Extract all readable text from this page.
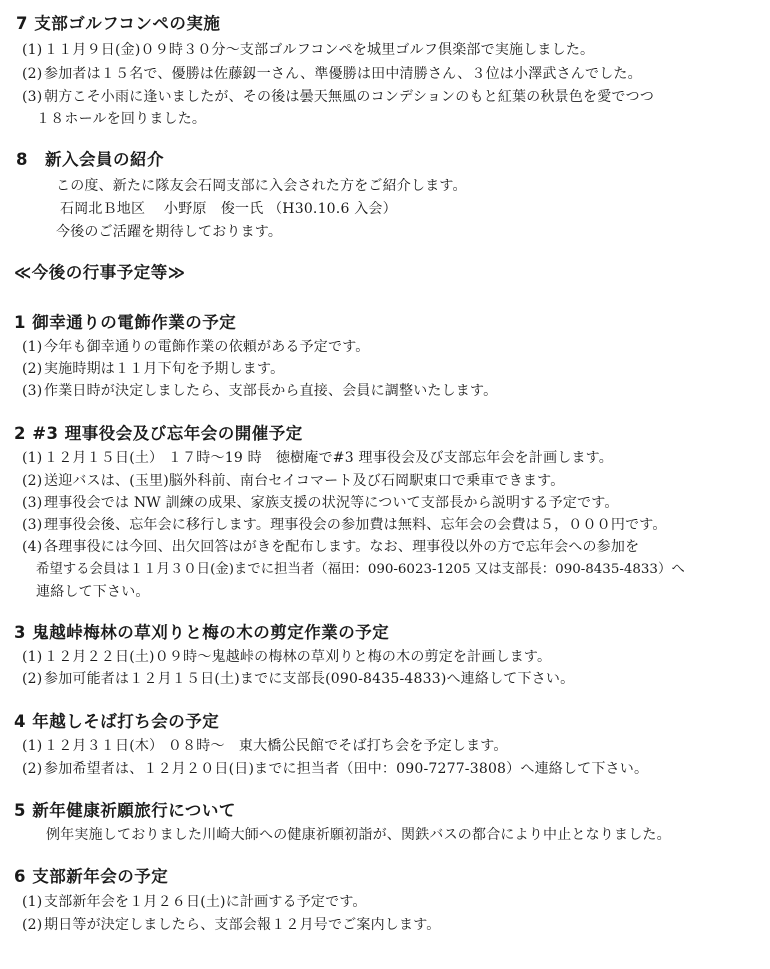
7 支部ゴルフコンペの実施
(1) １１月９日(金)０９時３０分～支部ゴルフコンペを城里ゴルフ倶楽部で実施しました。
(2) 参加者は１５名で、優勝は佐藤釼一さん、準優勝は田中清勝さん、３位は小澤武さんでした。
(3) 朝方こそ小雨に逢いましたが、その後は曇天無風のコンデションのもと紅葉の秋景色を愛でつつ
１８ホールを回りました。
8　新入会員の紹介
この度、新たに隊友会石岡支部に入会された方をご紹介します。
石岡北Ｂ地区　 小野原　俊一氏 （H30.10.6 入会）
今後のご活躍を期待しております。
≪今後の行事予定等≫
1 御幸通りの電飾作業の予定
(1) 今年も御幸通りの電飾作業の依頼がある予定です。
(2) 実施時期は１１月下旬を予期します。
(3) 作業日時が決定しましたら、支部長から直接、会員に調整いたします。
2 #3 理事役会及び忘年会の開催予定
(1) １２月１５日(土） １７時～19 時　徳樹庵で#3 理事役会及び支部忘年会を計画します。
(2) 送迎バスは、(玉里)脳外科前、南台セイコマート及び石岡駅東口で乗車できます。
(3) 理事役会では NW 訓練の成果、家族支援の状況等について支部長から説明する予定です。
(3) 理事役会後、忘年会に移行します。理事役会の参加費は無料、忘年会の会費は５，０００円です。
(4) 各理事役には今回、出欠回答はがきを配布します。なお、理事役以外の方で忘年会への参加を
希望する会員は１１月３０日(金)までに担当者（福田：090-6023-1205 又は支部長：090-8435-4833）へ
連絡して下さい。
3 鬼越峠梅林の草刈りと梅の木の剪定作業の予定
(1) １２月２２日(土)０９時～鬼越峠の梅林の草刈りと梅の木の剪定を計画します。
(2) 参加可能者は１２月１５日(土)までに支部長(090-8435-4833)へ連絡して下さい。
4 年越しそば打ち会の予定
(1) １２月３１日(木） ０８時～　東大橋公民館でそば打ち会を予定します。
(2) 参加希望者は、１２月２０日(日)までに担当者（田中：090-7277-3808）へ連絡して下さい。
5 新年健康祈願旅行について
例年実施しておりました川崎大師への健康祈願初詣が、関鉄バスの都合により中止となりました。
6 支部新年会の予定
(1) 支部新年会を１月２６日(土)に計画する予定です。
(2) 期日等が決定しましたら、支部会報１２月号でご案内します。
